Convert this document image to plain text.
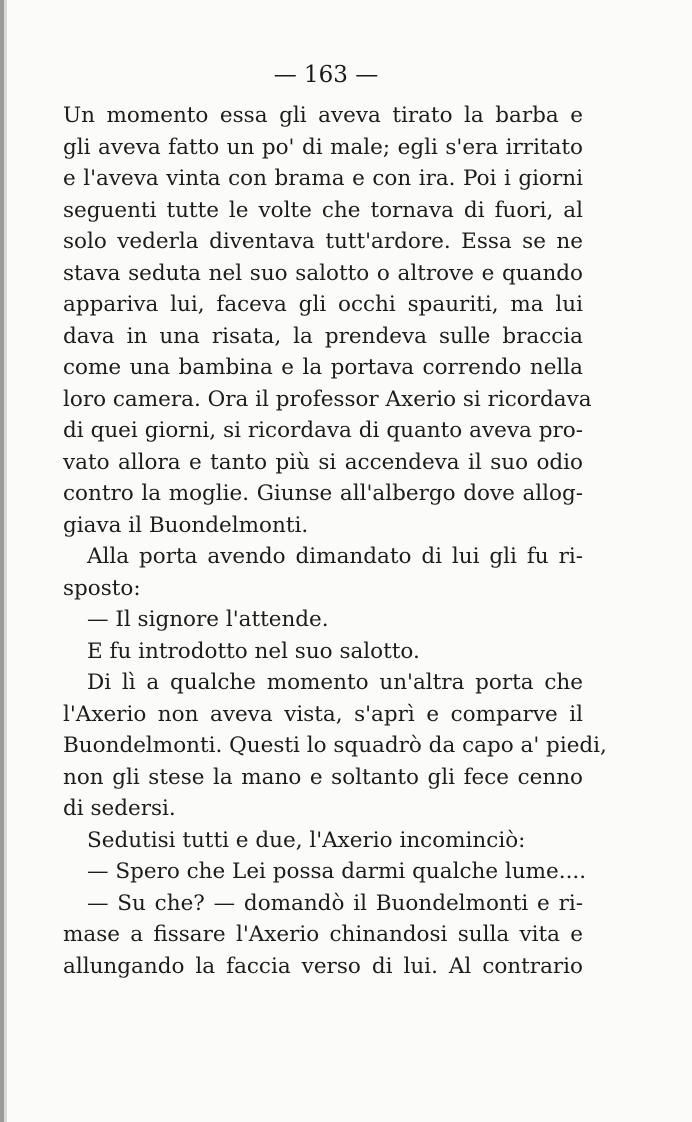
— 163 —

Un momento essa gli aveva tirato la barba e

gli aveva fatto un po' di male; egli s'era irritato

e l'aveva vinta con brama e con ira. Poi i giorni

seguenti tutte le volte che tornava di fuori, al

solo vederla diventava tutt'ardore. Essa se ne

stava seduta nel suo salotto o altrove e quando

appariva lui, faceva gli occhi spauriti, ma lui

dava in una risata, la prendeva sulle braccia

come una bambina e la portava correndo nella

loro camera. Ora il professor Axerio si ricordava

di quei giorni, si ricordava di quanto aveva pro-

vato allora e tanto più si accendeva il suo odio

contro la moglie. Giunse all'albergo dove allog-

giava il Buondelmonti.

Alla porta avendo dimandato di lui gli fu ri-

sposto:

— Il signore l'attende.

E fu introdotto nel suo salotto.

Di lì a qualche momento un'altra porta che

l'Axerio non aveva vista, s'aprì e comparve il

Buondelmonti. Questi lo squadrò da capo a' piedi,

non gli stese la mano e soltanto gli fece cenno

di sedersi.

Sedutisi tutti e due, l'Axerio incominciò:

— Spero che Lei possa darmi qualche lume....

— Su che? — domandò il Buondelmonti e ri-

mase a fissare l'Axerio chinandosi sulla vita e

allungando la faccia verso di lui. Al contrario
